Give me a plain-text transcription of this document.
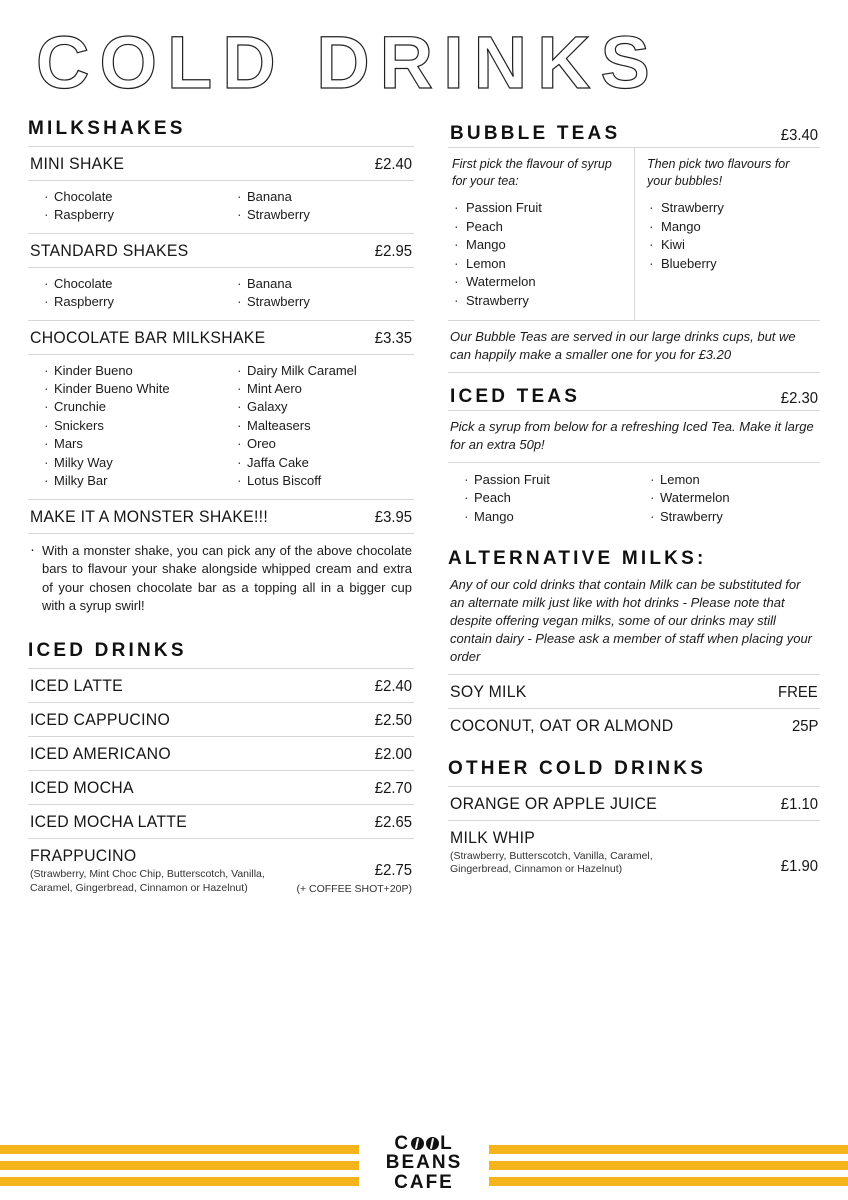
COLD DRINKS
MILKSHAKES
MINI SHAKE	£2.40
· Chocolate
· Raspberry
· Banana
· Strawberry
STANDARD SHAKES	£2.95
· Chocolate
· Raspberry
· Banana
· Strawberry
CHOCOLATE BAR MILKSHAKE	£3.35
· Kinder Bueno
· Kinder Bueno White
· Crunchie
· Snickers
· Mars
· Milky Way
· Milky Bar
· Dairy Milk Caramel
· Mint Aero
· Galaxy
· Malteasers
· Oreo
· Jaffa Cake
· Lotus Biscoff
MAKE IT A MONSTER SHAKE!!!	£3.95
· With a monster shake, you can pick any of the above chocolate bars to flavour your shake alongside whipped cream and extra of your chosen chocolate bar as a topping all in a bigger cup with a syrup swirl!
ICED DRINKS
ICED LATTE	£2.40
ICED CAPPUCINO	£2.50
ICED AMERICANO	£2.00
ICED MOCHA	£2.70
ICED MOCHA LATTE	£2.65
FRAPPUCINO
(Strawberry, Mint Choc Chip, Butterscotch, Vanilla, Caramel, Gingerbread, Cinnamon or Hazelnut)
£2.75
(+ COFFEE SHOT+20P)
BUBBLE TEAS	£3.40
First pick the flavour of syrup for your tea:
· Passion Fruit
· Peach
· Mango
· Lemon
· Watermelon
· Strawberry
Then pick two flavours for your bubbles!
· Strawberry
· Mango
· Kiwi
· Blueberry
Our Bubble Teas are served in our large drinks cups, but we can happily make a smaller one for you for £3.20
ICED TEAS	£2.30
Pick a syrup from below for a refreshing Iced Tea. Make it large for an extra 50p!
· Passion Fruit
· Peach
· Mango
· Lemon
· Watermelon
· Strawberry
ALTERNATIVE MILKS:
Any of our cold drinks that contain Milk can be substituted for an alternate milk just like with hot drinks - Please note that despite offering vegan milks, some of our drinks may still contain dairy - Please ask a member of staff when placing your order
SOY MILK	FREE
COCONUT, OAT OR ALMOND	25P
OTHER COLD DRINKS
ORANGE OR APPLE JUICE	£1.10
MILK WHIP
(Strawberry, Butterscotch, Vanilla, Caramel, Gingerbread, Cinnamon or Hazelnut)	£1.90
C L
BEANS
CAFE
